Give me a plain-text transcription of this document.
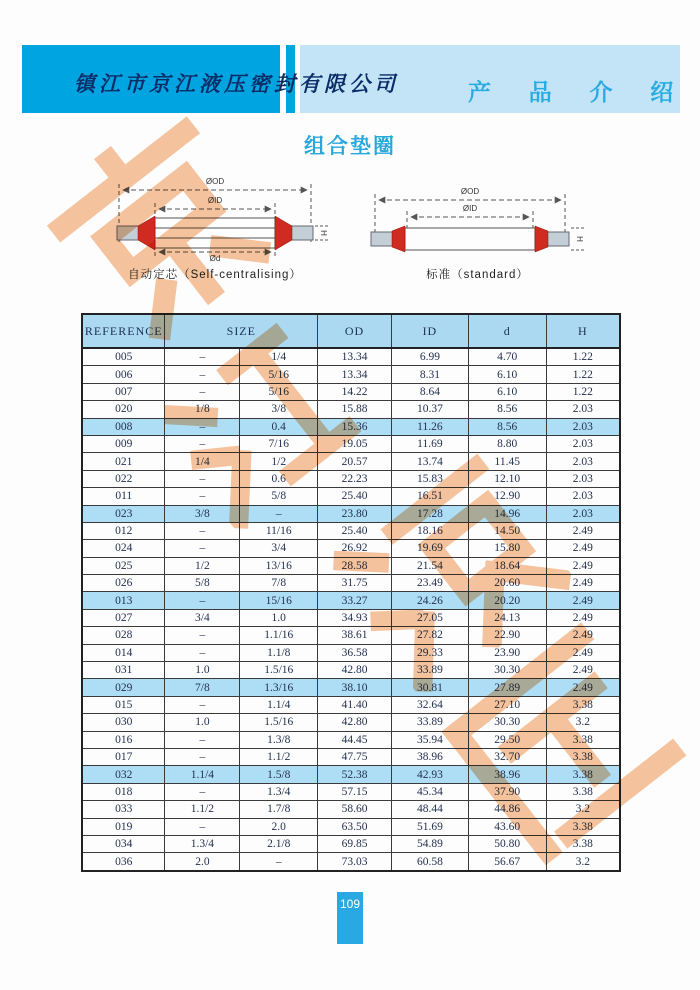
镇江市京江液压密封有限公司	产 品 介 绍
组合垫圈
ØOD
ØID
Ød
H
自动定芯（Self-centralising）
ØOD
ØID
H
标准（standard）
REFERENCE	SIZE		OD	ID	d	H
005	–	1/4	13.34	6.99	4.70	1.22
006	–	5/16	13.34	8.31	6.10	1.22
007	–	5/16	14.22	8.64	6.10	1.22
020	1/8	3/8	15.88	10.37	8.56	2.03
008	–	0.4	15.36	11.26	8.56	2.03
009	–	7/16	19.05	11.69	8.80	2.03
021	1/4	1/2	20.57	13.74	11.45	2.03
022	–	0.6	22.23	15.83	12.10	2.03
011	–	5/8	25.40	16.51	12.90	2.03
023	3/8	–	23.80	17.28	14.96	2.03
012	–	11/16	25.40	18.16	14.50	2.49
024	–	3/4	26.92	19.69	15.80	2.49
025	1/2	13/16	28.58	21.54	18.64	2.49
026	5/8	7/8	31.75	23.49	20.60	2.49
013	–	15/16	33.27	24.26	20.20	2.49
027	3/4	1.0	34.93	27.05	24.13	2.49
028	–	1.1/16	38.61	27.82	22.90	2.49
014	–	1.1/8	36.58	29.33	23.90	2.49
031	1.0	1.5/16	42.80	33.89	30.30	2.49
029	7/8	1.3/16	38.10	30.81	27.89	2.49
015	–	1.1/4	41.40	32.64	27.10	3.38
030	1.0	1.5/16	42.80	33.89	30.30	3.2
016	–	1.3/8	44.45	35.94	29.50	3.38
017	–	1.1/2	47.75	38.96	32.70	3.38
032	1.1/4	1.5/8	52.38	42.93	38.96	3.38
018	–	1.3/4	57.15	45.34	37.90	3.38
033	1.1/2	1.7/8	58.60	48.44	44.86	3.2
019	–	2.0	63.50	51.69	43.60	3.38
034	1.3/4	2.1/8	69.85	54.89	50.80	3.38
036	2.0	–	73.03	60.58	56.67	3.2
109
